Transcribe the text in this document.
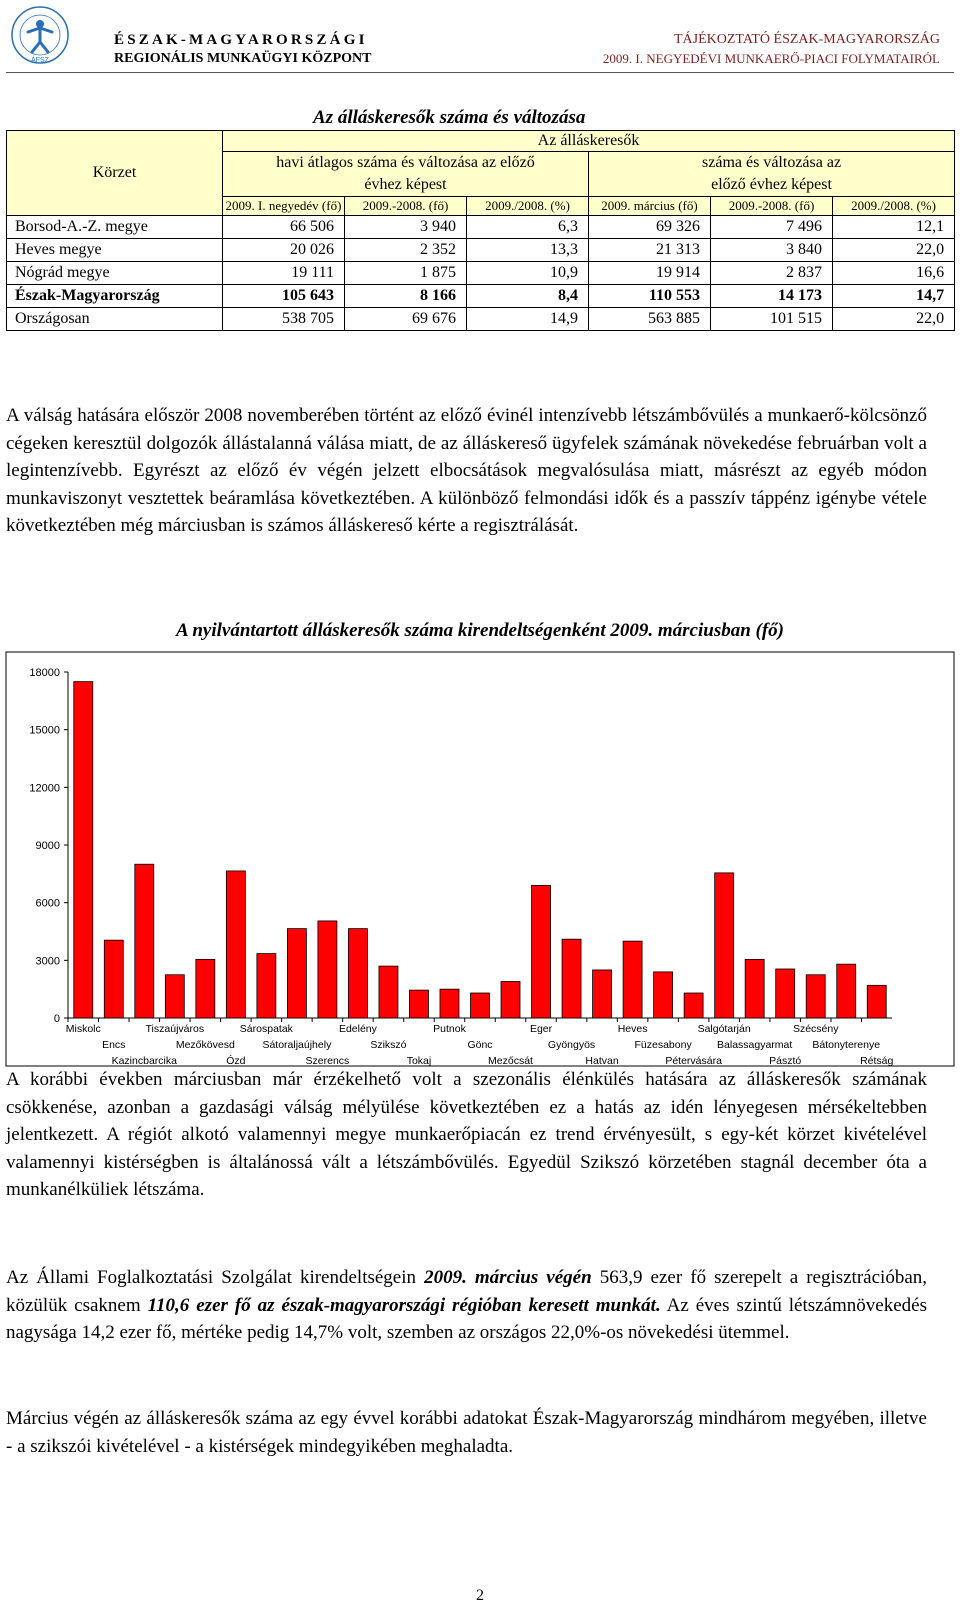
ÁFSZ
ÉSZAK-MAGYARORSZÁGI
REGIONÁLIS MUNKAÜGYI KÖZPONT
TÁJÉKOZTATÓ ÉSZAK-MAGYARORSZÁG
2009. I. NEGYEDÉVI MUNKAERŐ-PIACI FOLYMATAIRÓL
Az álláskeresők száma és változása
Körzet	Az álláskeresők					
	havi átlagos száma és változása az előző évhez képest			száma és változása az előző évhez képest		
	2009. I. negyedév (fő)	2009.-2008. (fő)	2009./2008. (%)	2009. március (fő)	2009.-2008. (fő)	2009./2008. (%)
Borsod-A.-Z. megye	66 506	3 940	6,3	69 326	7 496	12,1
Heves megye	20 026	2 352	13,3	21 313	3 840	22,0
Nógrád megye	19 111	1 875	10,9	19 914	2 837	16,6
Észak-Magyarország	105 643	8 166	8,4	110 553	14 173	14,7
Országosan	538 705	69 676	14,9	563 885	101 515	22,0

A válság hatására először 2008 novemberében történt az előző évinél intenzívebb létszámbővülés a munkaerő-kölcsönző cégeken keresztül dolgozók állástalanná válása miatt, de az álláskereső ügyfelek számának növekedése februárban volt a legintenzívebb. Egyrészt az előző év végén jelzett elbocsátások megvalósulása miatt, másrészt az egyéb módon munkaviszonyt vesztettek beáramlása következtében. A különböző felmondási idők és a passzív táppénz igénybe vétele következtében még márciusban is számos álláskereső kérte a regisztrálását.

A nyilvántartott álláskeresők száma kirendeltségenként 2009. márciusban (fő)
0
3000
6000
9000
12000
15000
18000
Miskolc
Encs
Kazincbarcika
Tiszaújváros
Mezőkövesd
Ózd
Sárospatak
Sátoraljaújhely
Szerencs
Edelény
Szikszó
Tokaj
Putnok
Gönc
Mezőcsát
Eger
Gyöngyös
Hatvan
Heves
Füzesabony
Pétervására
Salgótarján
Balassagyarmat
Pásztó
Szécsény
Bátonyterenye
Rétság

A korábbi években márciusban már érzékelhető volt a szezonális élénkülés hatására az álláskeresők számának csökkenése, azonban a gazdasági válság mélyülése következtében ez a hatás az idén lényegesen mérsékeltebben jelentkezett. A régiót alkotó valamennyi megye munkaerőpiacán ez trend érvényesült, s egy-két körzet kivételével valamennyi kistérségben is általánossá vált a létszámbővülés. Egyedül Szikszó körzetében stagnál december óta a munkanélküliek létszáma.

Az Állami Foglalkoztatási Szolgálat kirendeltségein 2009. március végén 563,9 ezer fő szerepelt a regisztrációban, közülük csaknem 110,6 ezer fő az észak-magyarországi régióban keresett munkát. Az éves szintű létszámnövekedés nagysága 14,2 ezer fő, mértéke pedig 14,7% volt, szemben az országos 22,0%-os növekedési ütemmel.

Március végén az álláskeresők száma az egy évvel korábbi adatokat Észak-Magyarország mindhárom megyében, illetve - a szikszói kivételével - a kistérségek mindegyikében meghaladta.

2
